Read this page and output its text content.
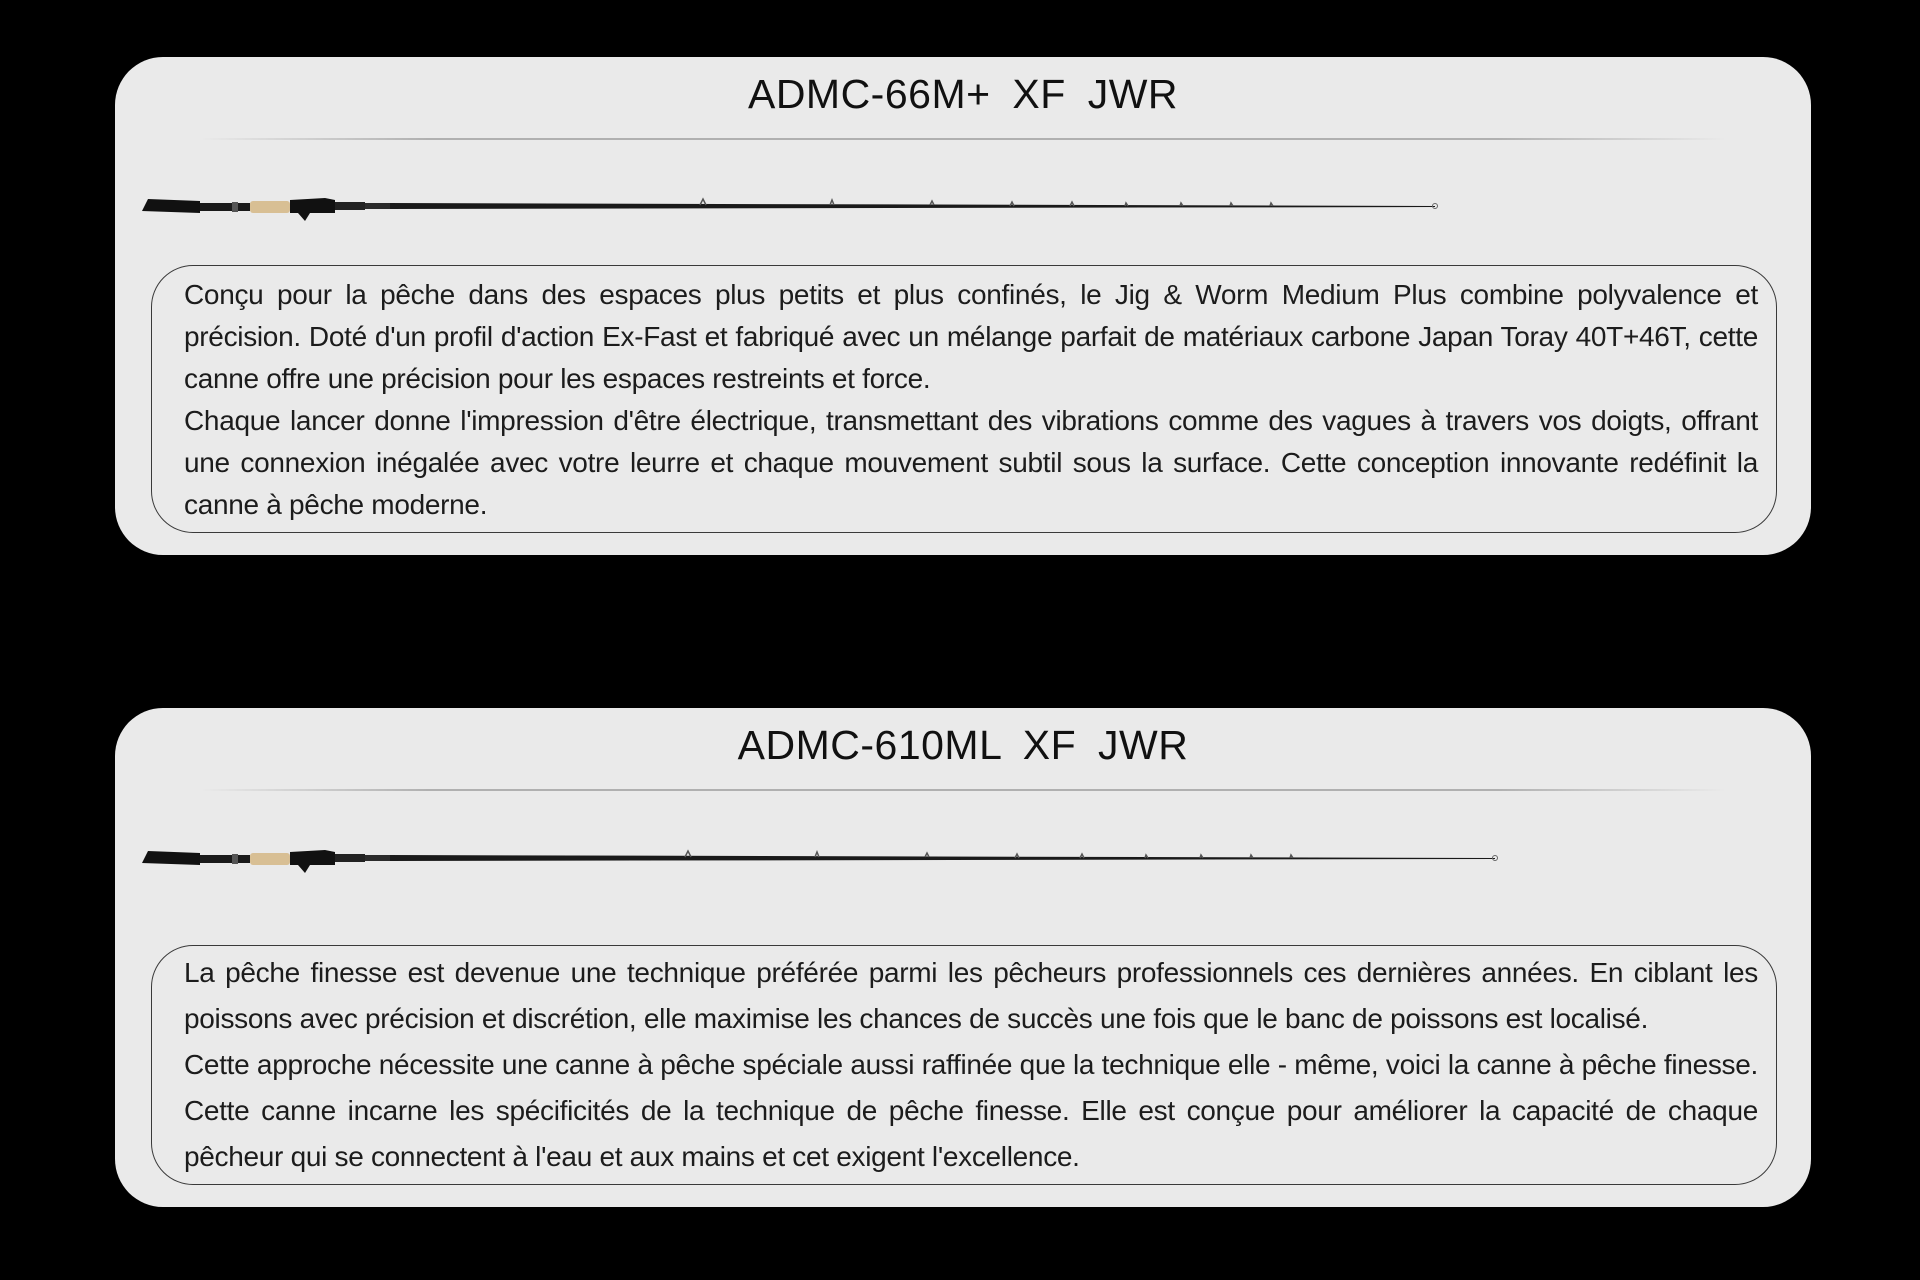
ADMC-66M+ XF JWR

Conçu pour la pêche dans des espaces plus petits et plus confinés, le Jig & Worm Medium Plus combine polyvalence et précision. Doté d'un profil d'action Ex-Fast et fabriqué avec un mélange parfait de matériaux carbone Japan Toray 40T+46T, cette canne offre une précision pour les espaces restreints et force.

Chaque lancer donne l'impression d'être électrique, transmettant des vibrations comme des vagues à travers vos doigts, offrant une connexion inégalée avec votre leurre et chaque mouvement subtil sous la surface. Cette conception innovante redéfinit la canne à pêche moderne.

ADMC-610ML XF JWR

La pêche finesse est devenue une technique préférée parmi les pêcheurs professionnels ces dernières années. En ciblant les poissons avec précision et discrétion, elle maximise les chances de succès une fois que le banc de poissons est localisé.

Cette approche nécessite une canne à pêche spéciale aussi raffinée que la technique elle - même, voici la canne à pêche finesse. Cette canne incarne les spécificités de la technique de pêche finesse. Elle est conçue pour améliorer la capacité de chaque pêcheur qui se connectent à l'eau et aux mains et cet exigent l'excellence.
